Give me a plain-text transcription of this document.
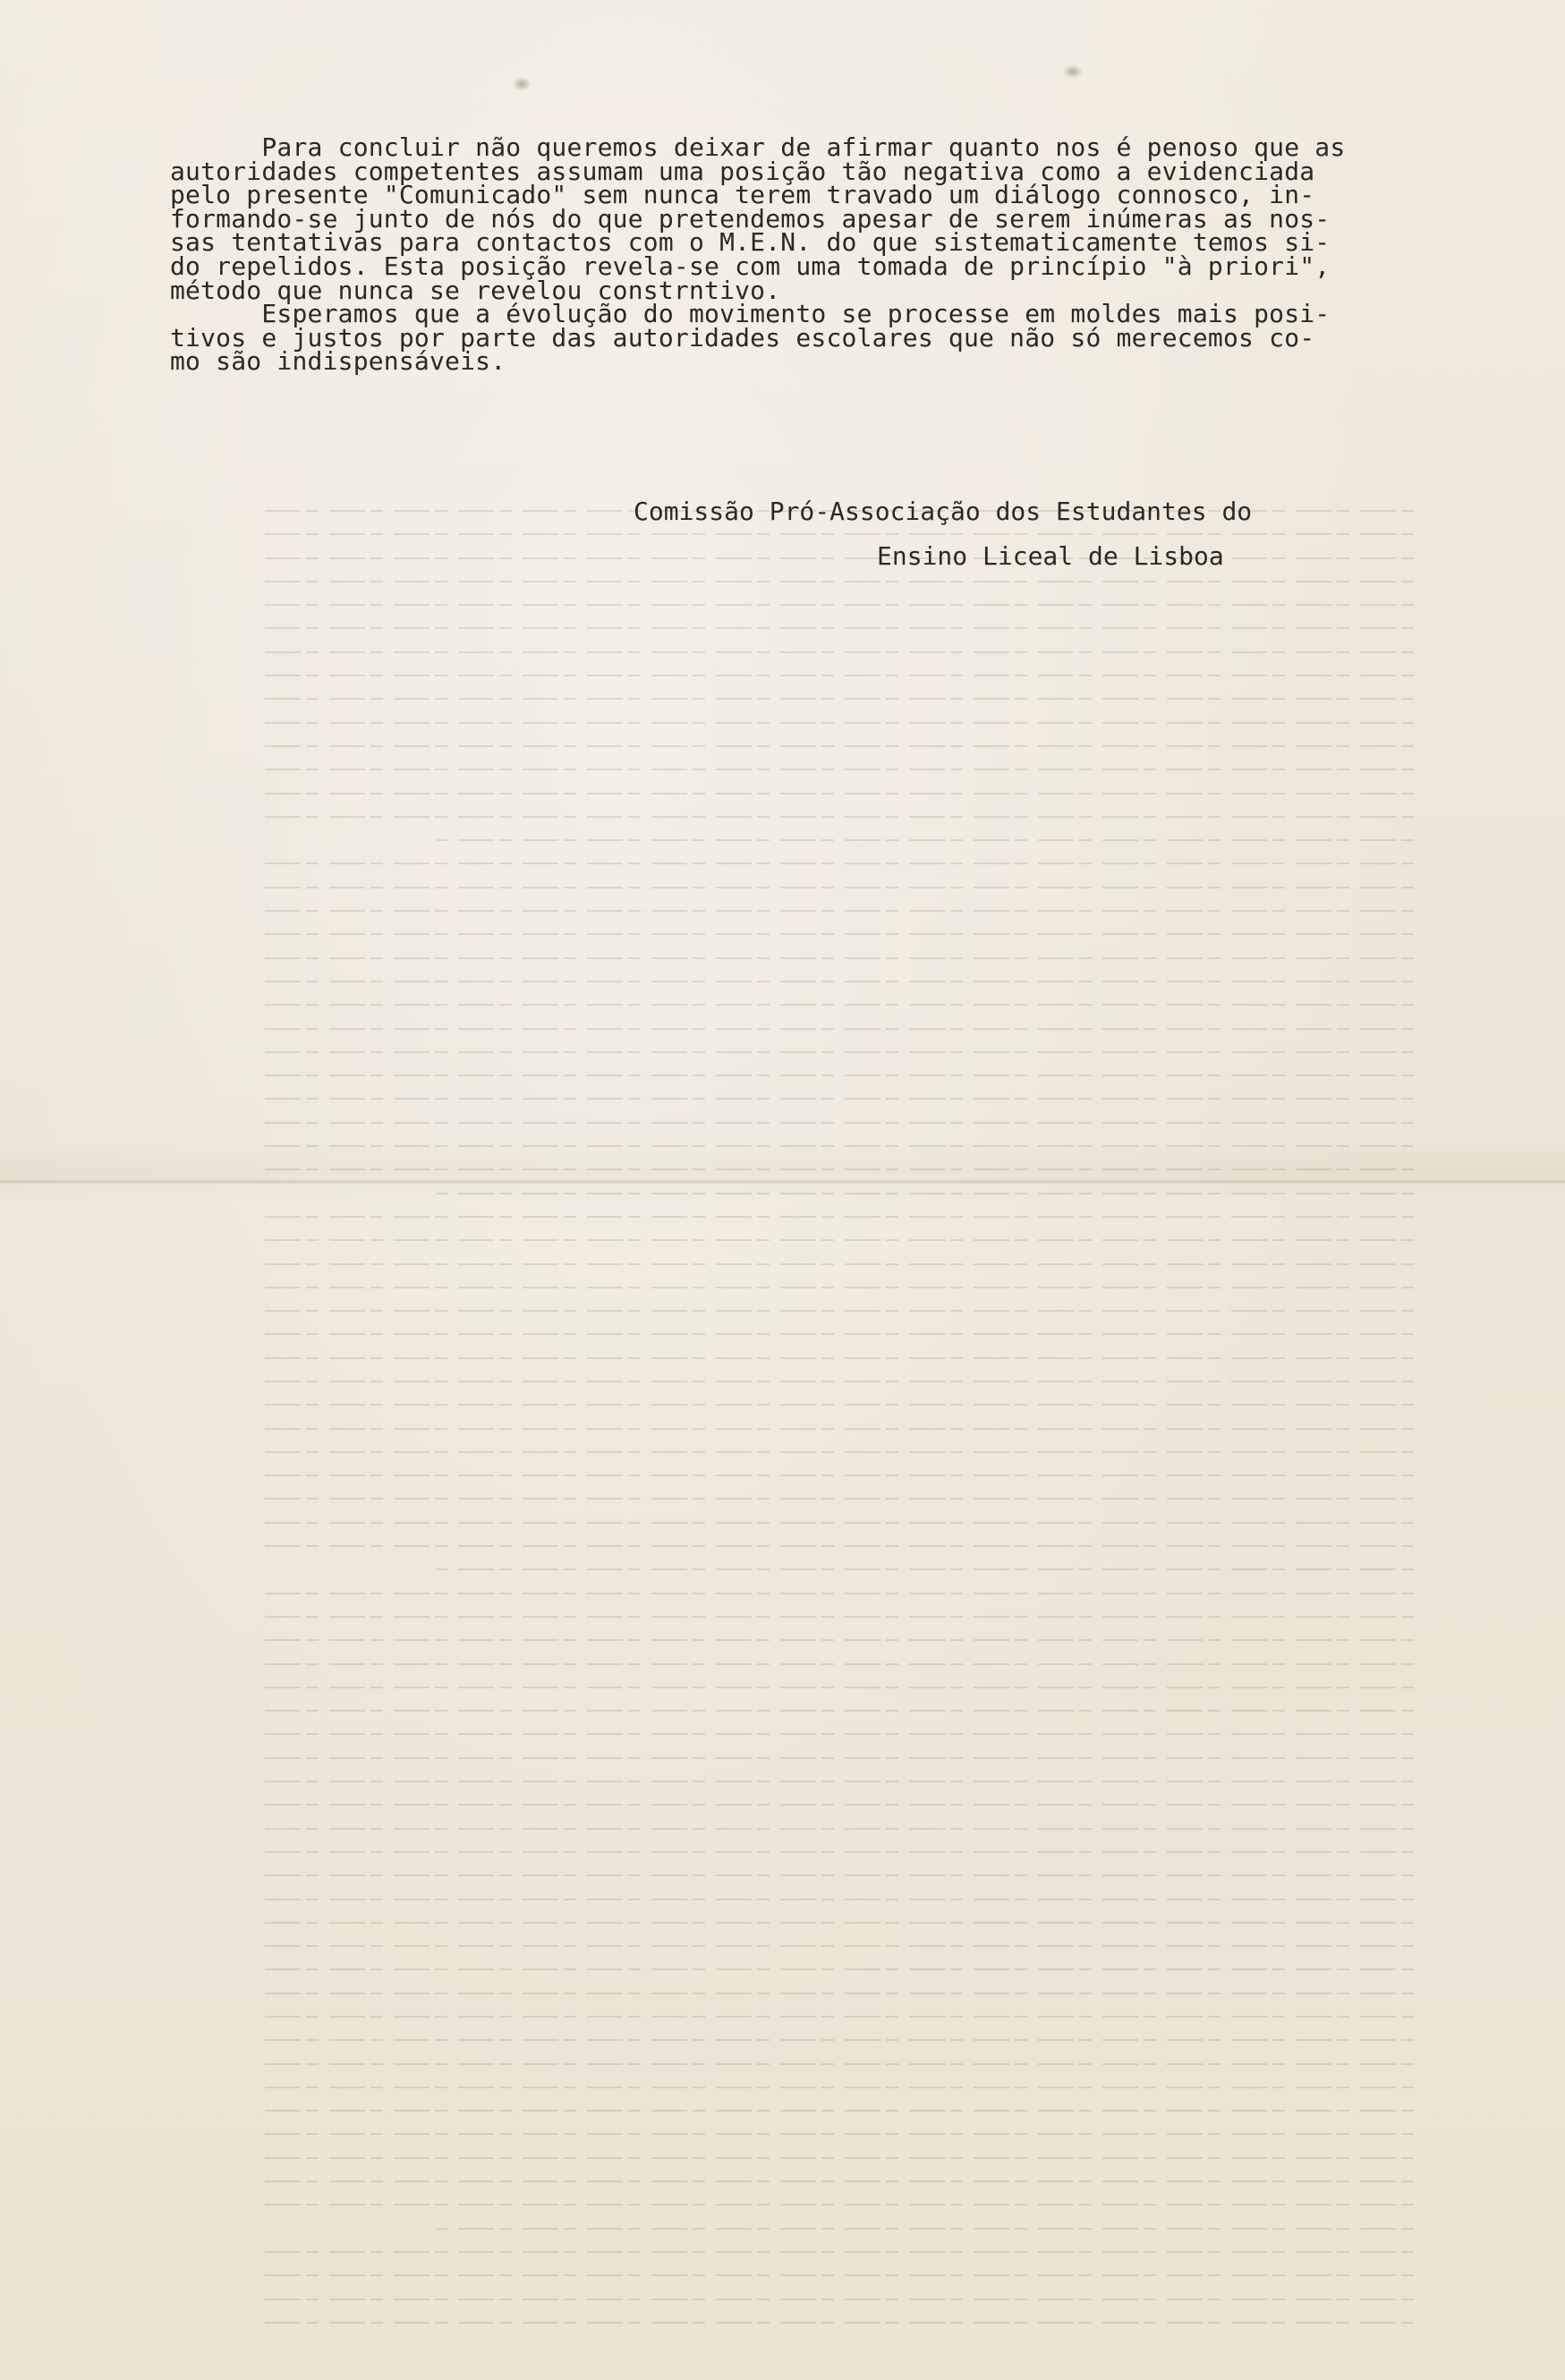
Para concluir não queremos deixar de afirmar quanto nos é penoso que as

autoridades competentes assumam uma posição tão negativa como a evidenciada

pelo presente "Comunicado" sem nunca terem travado um diálogo connosco, in-

formando-se junto de nós do que pretendemos apesar de serem inúmeras as nos-

sas tentativas para contactos com o M.E.N. do que sistematicamente temos si-

do repelidos. Esta posição revela-se com uma tomada de princípio "à priori",

método que nunca se revelou constrntivo.

Esperamos que a évolução do movimento se processe em moldes mais posi-

tivos e justos por parte das autoridades escolares que não só merecemos co-

mo são indispensáveis.

Comissão Pró-Associação dos Estudantes do
Ensino Liceal de Lisboa
